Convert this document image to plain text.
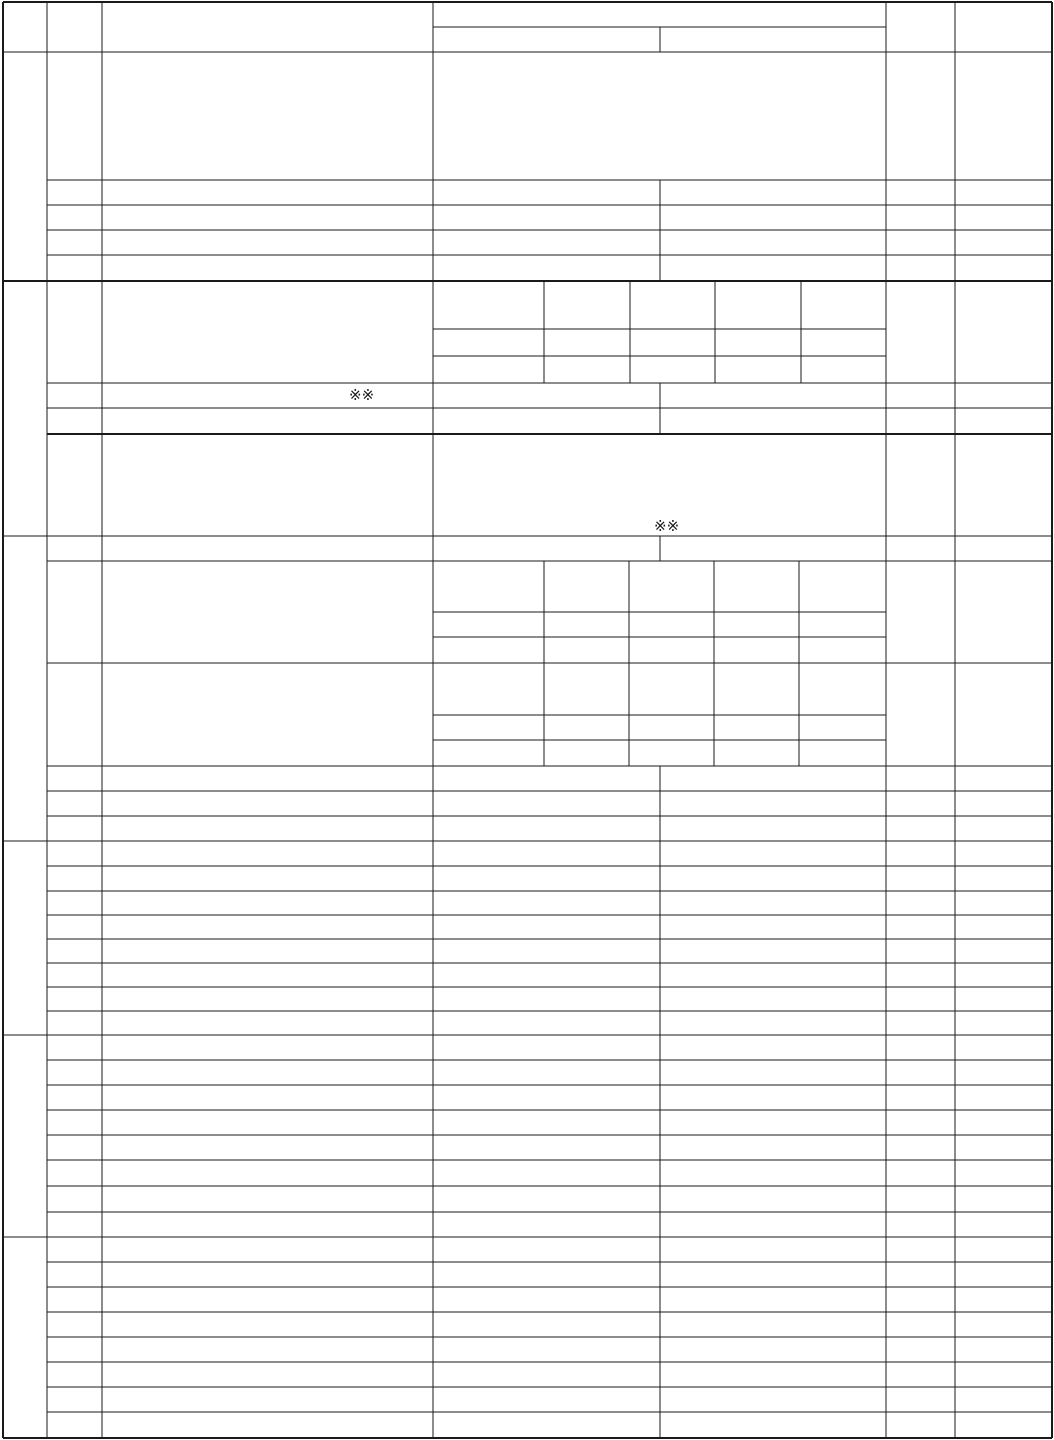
※※
※※
